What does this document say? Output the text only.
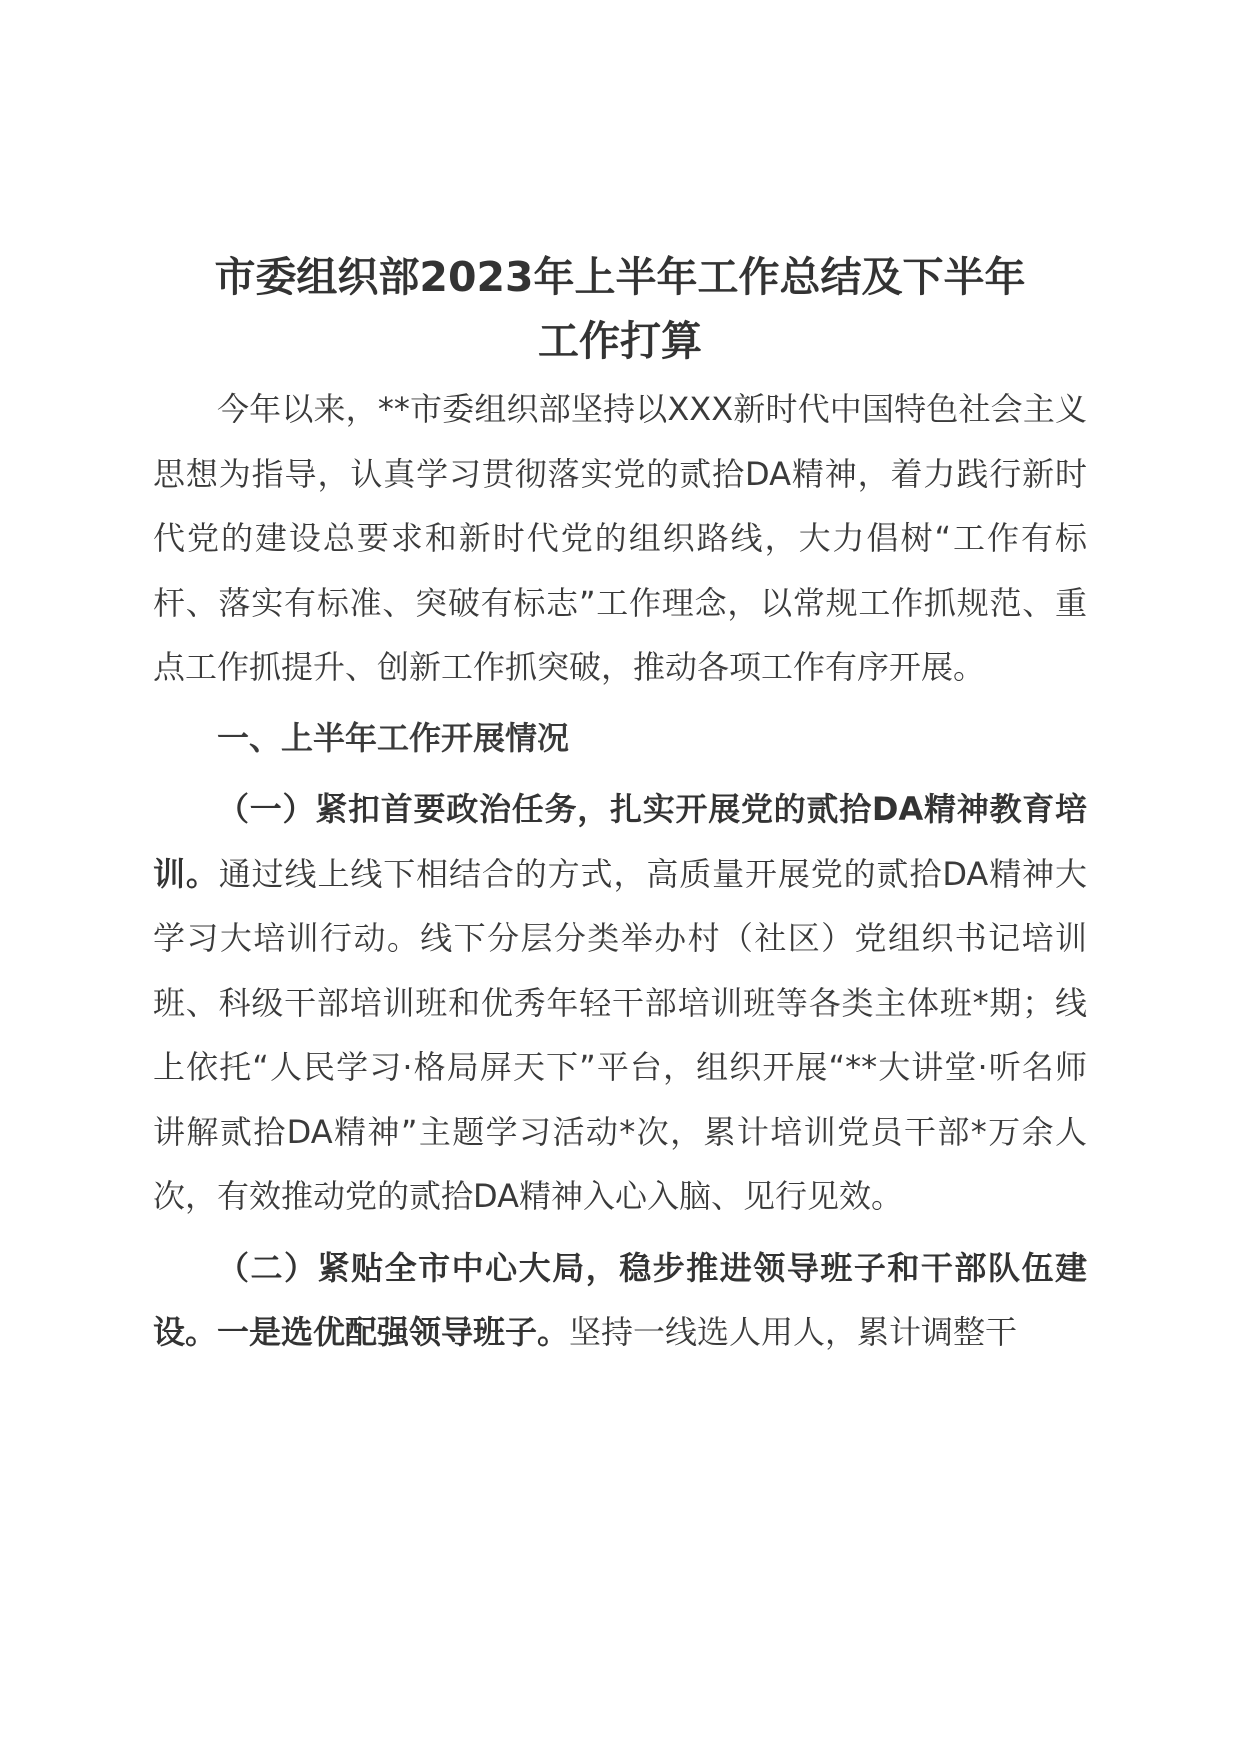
市委组织部2023年上半年工作总结及下半年
工作打算

今年以来，**市委组织部坚持以XXX新时代中国特色社会主义思想为指导，认真学习贯彻落实党的贰拾DA精神，着力践行新时代党的建设总要求和新时代党的组织路线，大力倡树“工作有标杆、落实有标准、突破有标志”工作理念，以常规工作抓规范、重点工作抓提升、创新工作抓突破，推动各项工作有序开展。

一、上半年工作开展情况

（一）紧扣首要政治任务，扎实开展党的贰拾DA精神教育培训。通过线上线下相结合的方式，高质量开展党的贰拾DA精神大学习大培训行动。线下分层分类举办村（社区）党组织书记培训班、科级干部培训班和优秀年轻干部培训班等各类主体班*期；线上依托“人民学习·格局屏天下”平台，组织开展“**大讲堂·听名师讲解贰拾DA精神”主题学习活动*次，累计培训党员干部*万余人次，有效推动党的贰拾DA精神入心入脑、见行见效。

（二）紧贴全市中心大局，稳步推进领导班子和干部队伍建设。一是选优配强领导班子。坚持一线选人用人，累计调整干
